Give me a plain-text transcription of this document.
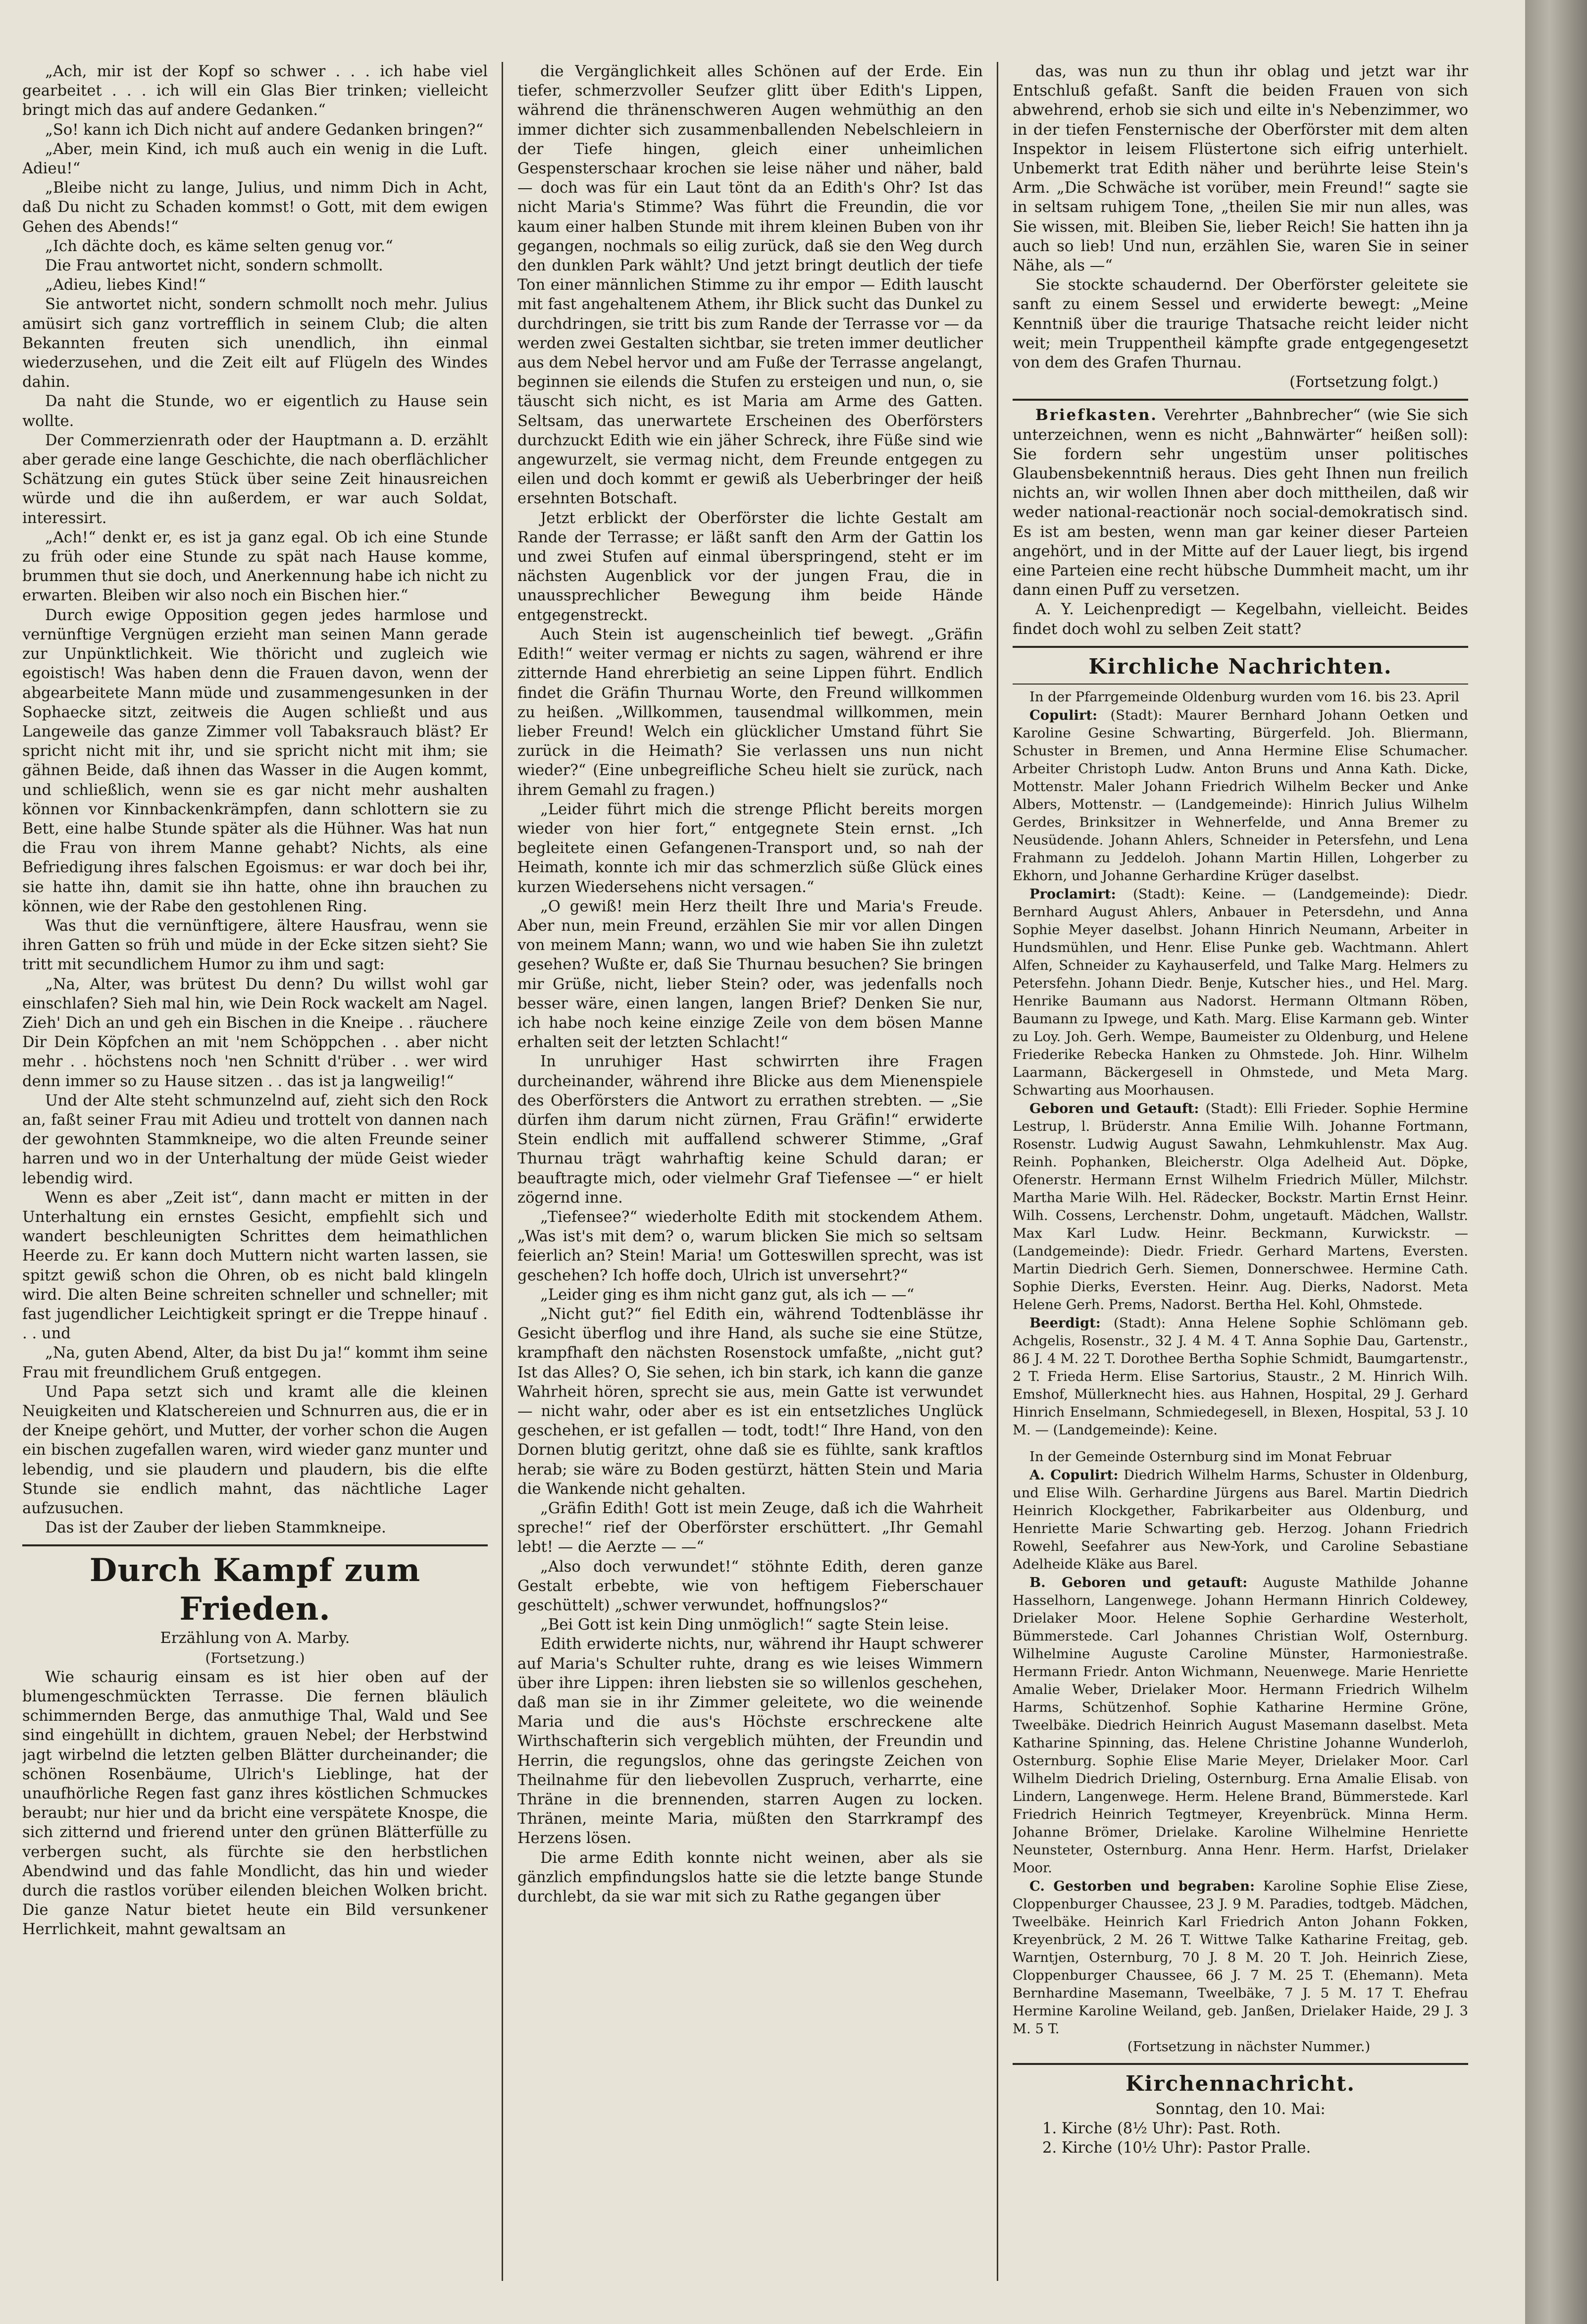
„Ach, mir ist der Kopf so schwer . . . ich habe viel gearbeitet . . . ich will ein Glas Bier trinken; vielleicht bringt mich das auf andere Gedanken.“

„So! kann ich Dich nicht auf andere Gedanken bringen?“

„Aber, mein Kind, ich muß auch ein wenig in die Luft. Adieu!“

„Bleibe nicht zu lange, Julius, und nimm Dich in Acht, daß Du nicht zu Schaden kommst! o Gott, mit dem ewigen Gehen des Abends!“

„Ich dächte doch, es käme selten genug vor.“

Die Frau antwortet nicht, sondern schmollt.

„Adieu, liebes Kind!“

Sie antwortet nicht, sondern schmollt noch mehr. Julius amüsirt sich ganz vortrefflich in seinem Club; die alten Bekannten freuten sich unendlich, ihn einmal wiederzusehen, und die Zeit eilt auf Flügeln des Windes dahin.

Da naht die Stunde, wo er eigentlich zu Hause sein wollte.

Der Commerzienrath oder der Hauptmann a. D. erzählt aber gerade eine lange Geschichte, die nach oberflächlicher Schätzung ein gutes Stück über seine Zeit hinausreichen würde und die ihn außerdem, er war auch Soldat, interessirt.

„Ach!“ denkt er, es ist ja ganz egal. Ob ich eine Stunde zu früh oder eine Stunde zu spät nach Hause komme, brummen thut sie doch, und Anerkennung habe ich nicht zu erwarten. Bleiben wir also noch ein Bischen hier.“

Durch ewige Opposition gegen jedes harmlose und vernünftige Vergnügen erzieht man seinen Mann gerade zur Unpünktlichkeit. Wie thöricht und zugleich wie egoistisch! Was haben denn die Frauen davon, wenn der abgearbeitete Mann müde und zusammengesunken in der Sophaecke sitzt, zeitweis die Augen schließt und aus Langeweile das ganze Zimmer voll Tabaksrauch bläst? Er spricht nicht mit ihr, und sie spricht nicht mit ihm; sie gähnen Beide, daß ihnen das Wasser in die Augen kommt, und schließlich, wenn sie es gar nicht mehr aushalten können vor Kinnbackenkrämpfen, dann schlottern sie zu Bett, eine halbe Stunde später als die Hühner. Was hat nun die Frau von ihrem Manne gehabt? Nichts, als eine Befriedigung ihres falschen Egoismus: er war doch bei ihr, sie hatte ihn, damit sie ihn hatte, ohne ihn brauchen zu können, wie der Rabe den gestohlenen Ring.

Was thut die vernünftigere, ältere Hausfrau, wenn sie ihren Gatten so früh und müde in der Ecke sitzen sieht? Sie tritt mit secundlichem Humor zu ihm und sagt:

„Na, Alter, was brütest Du denn? Du willst wohl gar einschlafen? Sieh mal hin, wie Dein Rock wackelt am Nagel. Zieh' Dich an und geh ein Bischen in die Kneipe . . räuchere Dir Dein Köpfchen an mit 'nem Schöppchen . . aber nicht mehr . . höchstens noch 'nen Schnitt d'rüber . . wer wird denn immer so zu Hause sitzen . . das ist ja langweilig!“

Und der Alte steht schmunzelnd auf, zieht sich den Rock an, faßt seiner Frau mit Adieu und trottelt von dannen nach der gewohnten Stammkneipe, wo die alten Freunde seiner harren und wo in der Unterhaltung der müde Geist wieder lebendig wird.

Wenn es aber „Zeit ist“, dann macht er mitten in der Unterhaltung ein ernstes Gesicht, empfiehlt sich und wandert beschleunigten Schrittes dem heimathlichen Heerde zu. Er kann doch Muttern nicht warten lassen, sie spitzt gewiß schon die Ohren, ob es nicht bald klingeln wird. Die alten Beine schreiten schneller und schneller; mit fast jugendlicher Leichtigkeit springt er die Treppe hinauf . . . und

„Na, guten Abend, Alter, da bist Du ja!“ kommt ihm seine Frau mit freundlichem Gruß entgegen.

Und Papa setzt sich und kramt alle die kleinen Neuigkeiten und Klatschereien und Schnurren aus, die er in der Kneipe gehört, und Mutter, der vorher schon die Augen ein bischen zugefallen waren, wird wieder ganz munter und lebendig, und sie plaudern und plaudern, bis die elfte Stunde sie endlich mahnt, das nächtliche Lager aufzusuchen.

Das ist der Zauber der lieben Stammkneipe.

Durch Kampf zum Frieden.

Erzählung von A. Marby.

(Fortsetzung.)

Wie schaurig einsam es ist hier oben auf der blumengeschmückten Terrasse. Die fernen bläulich schimmernden Berge, das anmuthige Thal, Wald und See sind eingehüllt in dichtem, grauen Nebel; der Herbstwind jagt wirbelnd die letzten gelben Blätter durcheinander; die schönen Rosenbäume, Ulrich's Lieblinge, hat der unaufhörliche Regen fast ganz ihres köstlichen Schmuckes beraubt; nur hier und da bricht eine verspätete Knospe, die sich zitternd und frierend unter den grünen Blätterfülle zu verbergen sucht, als fürchte sie den herbstlichen Abendwind und das fahle Mondlicht, das hin und wieder durch die rastlos vorüber eilenden bleichen Wolken bricht. Die ganze Natur bietet heute ein Bild versunkener Herrlichkeit, mahnt gewaltsam an

die Vergänglichkeit alles Schönen auf der Erde. Ein tiefer, schmerzvoller Seufzer glitt über Edith's Lippen, während die thränenschweren Augen wehmüthig an den immer dichter sich zusammenballenden Nebelschleiern in der Tiefe hingen, gleich einer unheimlichen Gespensterschaar krochen sie leise näher und näher, bald — doch was für ein Laut tönt da an Edith's Ohr? Ist das nicht Maria's Stimme? Was führt die Freundin, die vor kaum einer halben Stunde mit ihrem kleinen Buben von ihr gegangen, nochmals so eilig zurück, daß sie den Weg durch den dunklen Park wählt? Und jetzt bringt deutlich der tiefe Ton einer männlichen Stimme zu ihr empor — Edith lauscht mit fast angehaltenem Athem, ihr Blick sucht das Dunkel zu durchdringen, sie tritt bis zum Rande der Terrasse vor — da werden zwei Gestalten sichtbar, sie treten immer deutlicher aus dem Nebel hervor und am Fuße der Terrasse angelangt, beginnen sie eilends die Stufen zu ersteigen und nun, o, sie täuscht sich nicht, es ist Maria am Arme des Gatten. Seltsam, das unerwartete Erscheinen des Oberförsters durchzuckt Edith wie ein jäher Schreck, ihre Füße sind wie angewurzelt, sie vermag nicht, dem Freunde entgegen zu eilen und doch kommt er gewiß als Ueberbringer der heiß ersehnten Botschaft.

Jetzt erblickt der Oberförster die lichte Gestalt am Rande der Terrasse; er läßt sanft den Arm der Gattin los und zwei Stufen auf einmal überspringend, steht er im nächsten Augenblick vor der jungen Frau, die in unaussprechlicher Bewegung ihm beide Hände entgegenstreckt.

Auch Stein ist augenscheinlich tief bewegt. „Gräfin Edith!“ weiter vermag er nichts zu sagen, während er ihre zitternde Hand ehrerbietig an seine Lippen führt. Endlich findet die Gräfin Thurnau Worte, den Freund willkommen zu heißen. „Willkommen, tausendmal willkommen, mein lieber Freund! Welch ein glücklicher Umstand führt Sie zurück in die Heimath? Sie verlassen uns nun nicht wieder?“ (Eine unbegreifliche Scheu hielt sie zurück, nach ihrem Gemahl zu fragen.)

„Leider führt mich die strenge Pflicht bereits morgen wieder von hier fort,“ entgegnete Stein ernst. „Ich begleitete einen Gefangenen-Transport und, so nah der Heimath, konnte ich mir das schmerzlich süße Glück eines kurzen Wiedersehens nicht versagen.“

„O gewiß! mein Herz theilt Ihre und Maria's Freude. Aber nun, mein Freund, erzählen Sie mir vor allen Dingen von meinem Mann; wann, wo und wie haben Sie ihn zuletzt gesehen? Wußte er, daß Sie Thurnau besuchen? Sie bringen mir Grüße, nicht, lieber Stein? oder, was jedenfalls noch besser wäre, einen langen, langen Brief? Denken Sie nur, ich habe noch keine einzige Zeile von dem bösen Manne erhalten seit der letzten Schlacht!“

In unruhiger Hast schwirrten ihre Fragen durcheinander, während ihre Blicke aus dem Mienenspiele des Oberförsters die Antwort zu errathen strebten. — „Sie dürfen ihm darum nicht zürnen, Frau Gräfin!“ erwiderte Stein endlich mit auffallend schwerer Stimme, „Graf Thurnau trägt wahrhaftig keine Schuld daran; er beauftragte mich, oder vielmehr Graf Tiefensee —“ er hielt zögernd inne.

„Tiefensee?“ wiederholte Edith mit stockendem Athem. „Was ist's mit dem? o, warum blicken Sie mich so seltsam feierlich an? Stein! Maria! um Gotteswillen sprecht, was ist geschehen? Ich hoffe doch, Ulrich ist unversehrt?“

„Leider ging es ihm nicht ganz gut, als ich — —“

„Nicht gut?“ fiel Edith ein, während Todtenblässe ihr Gesicht überflog und ihre Hand, als suche sie eine Stütze, krampfhaft den nächsten Rosenstock umfaßte, „nicht gut? Ist das Alles? O, Sie sehen, ich bin stark, ich kann die ganze Wahrheit hören, sprecht sie aus, mein Gatte ist verwundet — nicht wahr, oder aber es ist ein entsetzliches Unglück geschehen, er ist gefallen — todt, todt!“ Ihre Hand, von den Dornen blutig geritzt, ohne daß sie es fühlte, sank kraftlos herab; sie wäre zu Boden gestürzt, hätten Stein und Maria die Wankende nicht gehalten.

„Gräfin Edith! Gott ist mein Zeuge, daß ich die Wahrheit spreche!“ rief der Oberförster erschüttert. „Ihr Gemahl lebt! — die Aerzte — —“

„Also doch verwundet!“ stöhnte Edith, deren ganze Gestalt erbebte, wie von heftigem Fieberschauer geschüttelt) „schwer verwundet, hoffnungslos?“

„Bei Gott ist kein Ding unmöglich!“ sagte Stein leise.

Edith erwiderte nichts, nur, während ihr Haupt schwerer auf Maria's Schulter ruhte, drang es wie leises Wimmern über ihre Lippen: ihren liebsten sie so willenlos geschehen, daß man sie in ihr Zimmer geleitete, wo die weinende Maria und die aus's Höchste erschreckene alte Wirthschafterin sich vergeblich mühten, der Freundin und Herrin, die regungslos, ohne das geringste Zeichen von Theilnahme für den liebevollen Zuspruch, verharrte, eine Thräne in die brennenden, starren Augen zu locken. Thränen, meinte Maria, müßten den Starrkrampf des Herzens lösen.

Die arme Edith konnte nicht weinen, aber als sie gänzlich empfindungslos hatte sie die letzte bange Stunde durchlebt, da sie war mit sich zu Rathe gegangen über

das, was nun zu thun ihr oblag und jetzt war ihr Entschluß gefaßt. Sanft die beiden Frauen von sich abwehrend, erhob sie sich und eilte in's Nebenzimmer, wo in der tiefen Fensternische der Oberförster mit dem alten Inspektor in leisem Flüstertone sich eifrig unterhielt. Unbemerkt trat Edith näher und berührte leise Stein's Arm. „Die Schwäche ist vorüber, mein Freund!“ sagte sie in seltsam ruhigem Tone, „theilen Sie mir nun alles, was Sie wissen, mit. Bleiben Sie, lieber Reich! Sie hatten ihn ja auch so lieb! Und nun, erzählen Sie, waren Sie in seiner Nähe, als —“

Sie stockte schaudernd. Der Oberförster geleitete sie sanft zu einem Sessel und erwiderte bewegt: „Meine Kenntniß über die traurige Thatsache reicht leider nicht weit; mein Truppentheil kämpfte grade entgegengesetzt von dem des Grafen Thurnau.

(Fortsetzung folgt.)

Briefkasten. Verehrter „Bahnbrecher“ (wie Sie sich unterzeichnen, wenn es nicht „Bahnwärter“ heißen soll): Sie fordern sehr ungestüm unser politisches Glaubensbekenntniß heraus. Dies geht Ihnen nun freilich nichts an, wir wollen Ihnen aber doch mittheilen, daß wir weder national-reactionär noch social-demokratisch sind. Es ist am besten, wenn man gar keiner dieser Parteien angehört, und in der Mitte auf der Lauer liegt, bis irgend eine Parteien eine recht hübsche Dummheit macht, um ihr dann einen Puff zu versetzen.

A. Y. Leichenpredigt — Kegelbahn, vielleicht. Beides findet doch wohl zu selben Zeit statt?

Kirchliche Nachrichten.

In der Pfarrgemeinde Oldenburg wurden vom 16. bis 23. April

Copulirt: (Stadt): Maurer Bernhard Johann Oetken und Karoline Gesine Schwarting, Bürgerfeld. Joh. Bliermann, Schuster in Bremen, und Anna Hermine Elise Schumacher. Arbeiter Christoph Ludw. Anton Bruns und Anna Kath. Dicke, Mottenstr. Maler Johann Friedrich Wilhelm Becker und Anke Albers, Mottenstr. — (Landgemeinde): Hinrich Julius Wilhelm Gerdes, Brinksitzer in Wehnerfelde, und Anna Bremer zu Neusüdende. Johann Ahlers, Schneider in Petersfehn, und Lena Frahmann zu Jeddeloh. Johann Martin Hillen, Lohgerber zu Ekhorn, und Johanne Gerhardine Krüger daselbst.

Proclamirt: (Stadt): Keine. — (Landgemeinde): Diedr. Bernhard August Ahlers, Anbauer in Petersdehn, und Anna Sophie Meyer daselbst. Johann Hinrich Neumann, Arbeiter in Hundsmühlen, und Henr. Elise Punke geb. Wachtmann. Ahlert Alfen, Schneider zu Kayhauserfeld, und Talke Marg. Helmers zu Petersfehn. Johann Diedr. Benje, Kutscher hies., und Hel. Marg. Henrike Baumann aus Nadorst. Hermann Oltmann Röben, Baumann zu Ipwege, und Kath. Marg. Elise Karmann geb. Winter zu Loy. Joh. Gerh. Wempe, Baumeister zu Oldenburg, und Helene Friederike Rebecka Hanken zu Ohmstede. Joh. Hinr. Wilhelm Laarmann, Bäckergesell in Ohmstede, und Meta Marg. Schwarting aus Moorhausen.

Geboren und Getauft: (Stadt): Elli Frieder. Sophie Hermine Lestrup, l. Brüderstr. Anna Emilie Wilh. Johanne Fortmann, Rosenstr. Ludwig August Sawahn, Lehmkuhlenstr. Max Aug. Reinh. Pophanken, Bleicherstr. Olga Adelheid Aut. Döpke, Ofenerstr. Hermann Ernst Wilhelm Friedrich Müller, Milchstr. Martha Marie Wilh. Hel. Rädecker, Bockstr. Martin Ernst Heinr. Wilh. Cossens, Lerchenstr. Dohm, ungetauft. Mädchen, Wallstr. Max Karl Ludw. Heinr. Beckmann, Kurwickstr. — (Landgemeinde): Diedr. Friedr. Gerhard Martens, Eversten. Martin Diedrich Gerh. Siemen, Donnerschwee. Hermine Cath. Sophie Dierks, Eversten. Heinr. Aug. Dierks, Nadorst. Meta Helene Gerh. Prems, Nadorst. Bertha Hel. Kohl, Ohmstede.

Beerdigt: (Stadt): Anna Helene Sophie Schlömann geb. Achgelis, Rosenstr., 32 J. 4 M. 4 T. Anna Sophie Dau, Gartenstr., 86 J. 4 M. 22 T. Dorothee Bertha Sophie Schmidt, Baumgartenstr., 2 T. Frieda Herm. Elise Sartorius, Staustr., 2 M. Hinrich Wilh. Emshof, Müllerknecht hies. aus Hahnen, Hospital, 29 J. Gerhard Hinrich Enselmann, Schmiedegesell, in Blexen, Hospital, 53 J. 10 M. — (Landgemeinde): Keine.

In der Gemeinde Osternburg sind im Monat Februar

A. Copulirt: Diedrich Wilhelm Harms, Schuster in Oldenburg, und Elise Wilh. Gerhardine Jürgens aus Barel. Martin Diedrich Heinrich Klockgether, Fabrikarbeiter aus Oldenburg, und Henriette Marie Schwarting geb. Herzog. Johann Friedrich Rowehl, Seefahrer aus New-York, und Caroline Sebastiane Adelheide Kläke aus Barel.

B. Geboren und getauft: Auguste Mathilde Johanne Hasselhorn, Langenwege. Johann Hermann Hinrich Coldewey, Drielaker Moor. Helene Sophie Gerhardine Westerholt, Bümmerstede. Carl Johannes Christian Wolf, Osternburg. Wilhelmine Auguste Caroline Münster, Harmoniestraße. Hermann Friedr. Anton Wichmann, Neuenwege. Marie Henriette Amalie Weber, Drielaker Moor. Hermann Friedrich Wilhelm Harms, Schützenhof. Sophie Katharine Hermine Gröne, Tweelbäke. Diedrich Heinrich August Masemann daselbst. Meta Katharine Spinning, das. Helene Christine Johanne Wunderloh, Osternburg. Sophie Elise Marie Meyer, Drielaker Moor. Carl Wilhelm Diedrich Drieling, Osternburg. Erna Amalie Elisab. von Lindern, Langenwege. Herm. Helene Brand, Bümmerstede. Karl Friedrich Heinrich Tegtmeyer, Kreyenbrück. Minna Herm. Johanne Brömer, Drielake. Karoline Wilhelmine Henriette Neunsteter, Osternburg. Anna Henr. Herm. Harfst, Drielaker Moor.

C. Gestorben und begraben: Karoline Sophie Elise Ziese, Cloppenburger Chaussee, 23 J. 9 M. Paradies, todtgeb. Mädchen, Tweelbäke. Heinrich Karl Friedrich Anton Johann Fokken, Kreyenbrück, 2 M. 26 T. Wittwe Talke Katharine Freitag, geb. Warntjen, Osternburg, 70 J. 8 M. 20 T. Joh. Heinrich Ziese, Cloppenburger Chaussee, 66 J. 7 M. 25 T. (Ehemann). Meta Bernhardine Masemann, Tweelbäke, 7 J. 5 M. 17 T. Ehefrau Hermine Karoline Weiland, geb. Janßen, Drielaker Haide, 29 J. 3 M. 5 T.

(Fortsetzung in nächster Nummer.)

Kirchennachricht.

Sonntag, den 10. Mai:

1. Kirche (8½ Uhr): Past. Roth.

2. Kirche (10½ Uhr): Pastor Pralle.
